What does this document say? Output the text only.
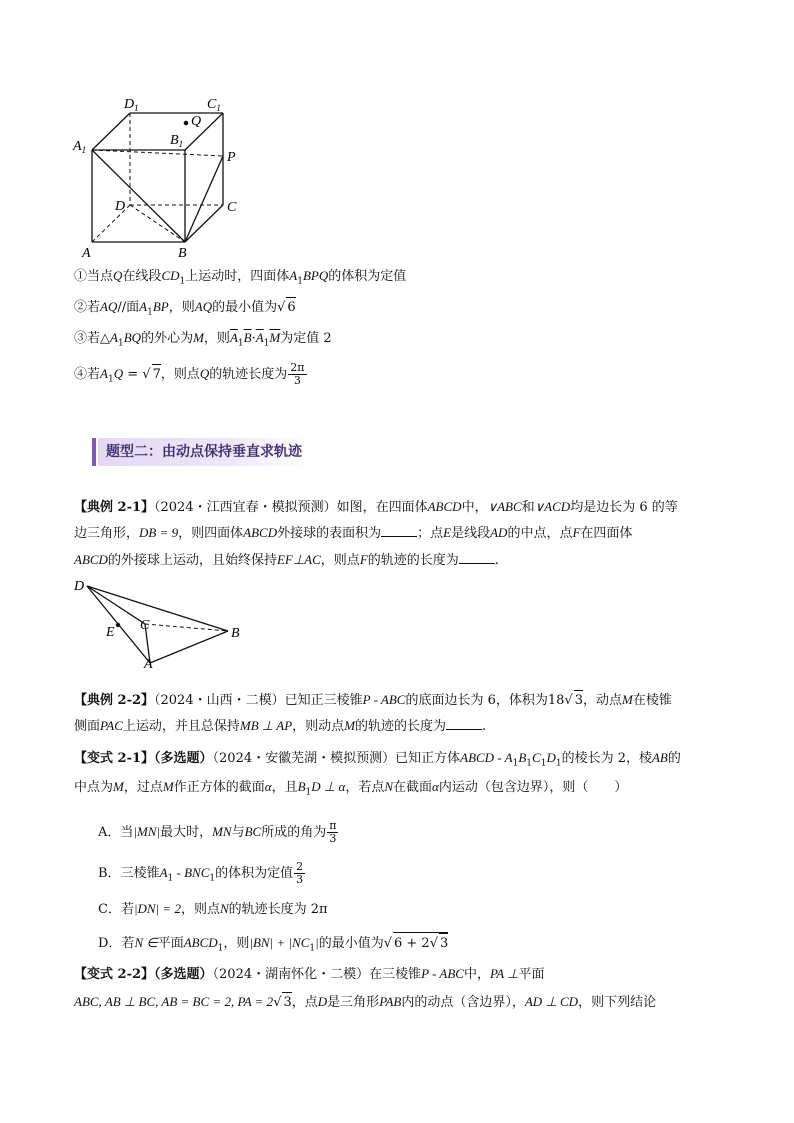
$D_1$	$C_1$
Q
$B_1$
$A_1$	P
D	C
A	B
①当点Q在线段$CD_1$上运动时，四面体$A_1BPQ$的体积为定值
②若AQ//面$A_1BP$，则AQ的最小值为√ 6
③若$\triangle A_1BQ$的外心为M，则$\overline{A}_1\overline{B}\cdot\overline{A}_1\overline{M}$为定值 2
④若$A_1Q$ = √ 7，则点Q的轨迹长度为 $\frac{2\pi}{3}$
题型二：由动点保持垂直求轨迹
【典例 2-1】（2024・江西宜春・模拟预测）如图，在四面体ABCD中，∨ABC和∨ACD均是边长为 6 的等
边三角形，DB = 9，则四面体ABCD外接球的表面积为	；点E是线段AD的中点，点F在四面体
ABCD的外接球上运动，且始终保持EF⊥AC，则点F的轨迹的长度为	.
D
E C
B
A
【典例 2-2】（2024・山西・二模）已知正三棱锥P - ABC的底面边长为 6，体积为18√ 3，动点M在棱锥
侧面PAC上运动，并且总保持MB ⊥ AP，则动点M的轨迹的长度为	.
【变式 2-1】（多选题）（2024・安徽芜湖・模拟预测）已知正方体ABCD - $A_1B_1C_1D_1$的棱长为 2，棱AB的
中点为M，过点M作正方体的截面α，且$B_1D$ ⊥ α，若点N在截面α内运动（包含边界），则（　　）
A．当|MN|最大时，MN与BC所成的角为 $\frac{\pi}{3}$
B．三棱锥$A_1 - BNC_1$的体积为定值 $\frac{2}{3}$
C．若|DN| = 2，则点N的轨迹长度为 2π
D．若N ∈平面$ABCD_1$，则$|BN| + |NC_1|$的最小值为√ 6 + 2√ 3
【变式 2-2】（多选题）（2024・湖南怀化・二模）在三棱锥P - ABC中，PA ⊥平面
ABC, AB ⊥ BC, AB = BC = 2, PA = 2√ 3，点D是三角形PAB内的动点（含边界），AD ⊥ CD，则下列结论
